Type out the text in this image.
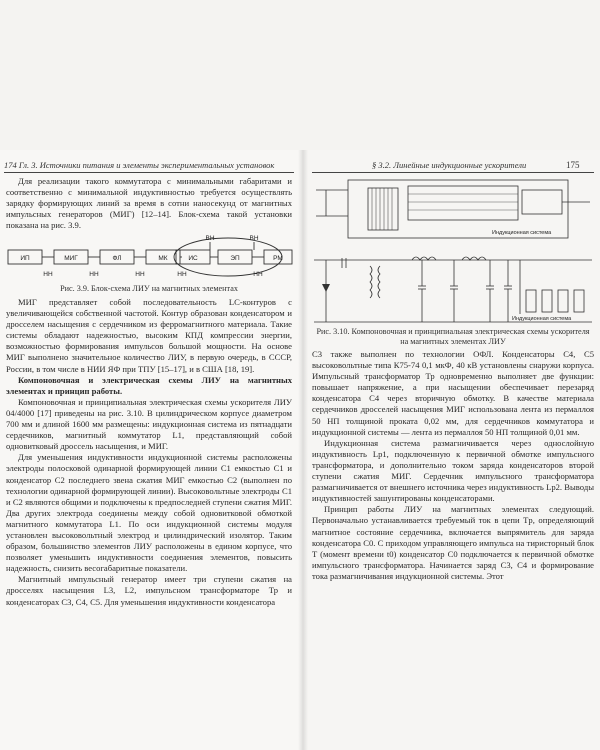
174 Гл. 3. Источники питания и элементы экспериментальных установок

Для реализации такого коммутатора с минимальными габаритами и соответственно с минимальной индуктивностью требуется осуществлять зарядку формирующих линий за время в сотни наносекунд от магнитных импульсных генераторов (МИГ) [12–14]. Блок-схема такой установки показана на рис. 3.9.

ИП	МИГ	ФЛ	МК	ИС	ЭП	РМ
ВН	ВН
НН	НН	НН	НН	НН
Рис. 3.9. Блок-схема ЛИУ на магнитных элементах

МИГ представляет собой последовательность LC-контуров с увеличивающейся собственной частотой. Контур образован конденсатором и дросселем насыщения с сердечником из ферромагнитного материала. Такие системы обладают надежностью, высоким КПД компрессии энергии, возможностью формирования импульсов большой мощности. На основе МИГ выполнено значительное количество ЛИУ, в первую очередь, в СССР, России, в том числе в НИИ ЯФ при ТПУ [15–17], и в США [18, 19].

Компоновочная и электрическая схемы ЛИУ на магнитных элементах и принцип работы.

Компоновочная и принципиальная электрическая схемы ускорителя ЛИУ 04/4000 [17] приведены на рис. 3.10. В цилиндрическом корпусе диаметром 700 мм и длиной 1600 мм размещены: индукционная система из пятнадцати сердечников, магнитный коммутатор L1, представляющий собой одновитковый дроссель насыщения, и МИГ.

Для уменьшения индуктивности индукционной системы расположены электроды полосковой одинарной формирующей линии C1 емкостью C1 и конденсатор C2 последнего звена сжатия МИГ емкостью C2 (выполнен по технологии одинарной формирующей линии). Высоковольтные электроды C1 и C2 являются общими и подключены к предпоследней ступени сжатия МИГ. Два других электрода соединены между собой одновитковой обмоткой магнитного коммутатора L1. По оси индукционной системы модуля установлен высоковольтный электрод и цилиндрический изолятор. Таким образом, большинство элементов ЛИУ расположены в едином корпусе, что позволяет уменьшить индуктивности соединения элементов, повысить надежность, снизить весогабаритные показатели.

Магнитный импульсный генератор имеет три ступени сжатия на дросселях насыщения L3, L2, импульсном трансформаторе Тр и конденсаторах C3, C4, C5. Для уменьшения индуктивности конденсатора

§ 3.2. Линейные индукционные ускорители	175
Индукционная система
Индукционная система
Рис. 3.10. Компоновочная и принципиальная электрическая схемы ускорителя на магнитных элементах ЛИУ

C3 также выполнен по технологии ОФЛ. Конденсаторы C4, C5 высоковольтные типа К75-74 0,1 мкФ, 40 кВ установлены снаружи корпуса. Импульсный трансформатор Тр одновременно выполняет две функции: повышает напряжение, а при насыщении обеспечивает перезаряд конденсатора C4 через вторичную обмотку. В качестве материала сердечников дросселей насыщения МИГ использована лента из пермаллоя 50 НП толщиной проката 0,02 мм, для сердечников коммутатора и индукционной системы — лента из пермаллоя 50 НП толщиной 0,01 мм.

Индукционная система размагничивается через однослойную индуктивность Lp1, подключенную к первичной обмотке импульсного трансформатора, и дополнительно током заряда конденсаторов второй ступени сжатия МИГ. Сердечник импульсного трансформатора размагничивается от внешнего источника через индуктивность Lp2. Выводы индуктивностей зашунтированы конденсаторами.

Принцип работы ЛИУ на магнитных элементах следующий. Первоначально устанавливается требуемый ток в цепи Tp, определяющий магнитное состояние сердечника, включается выпрямитель для заряда конденсатора C0. С приходом управляющего импульса на тиристорный блок T (момент времени t0) конденсатор C0 подключается к первичной обмотке импульсного трансформатора. Начинается заряд C3, C4 и формирование тока размагничивания индукционной системы. Этот
